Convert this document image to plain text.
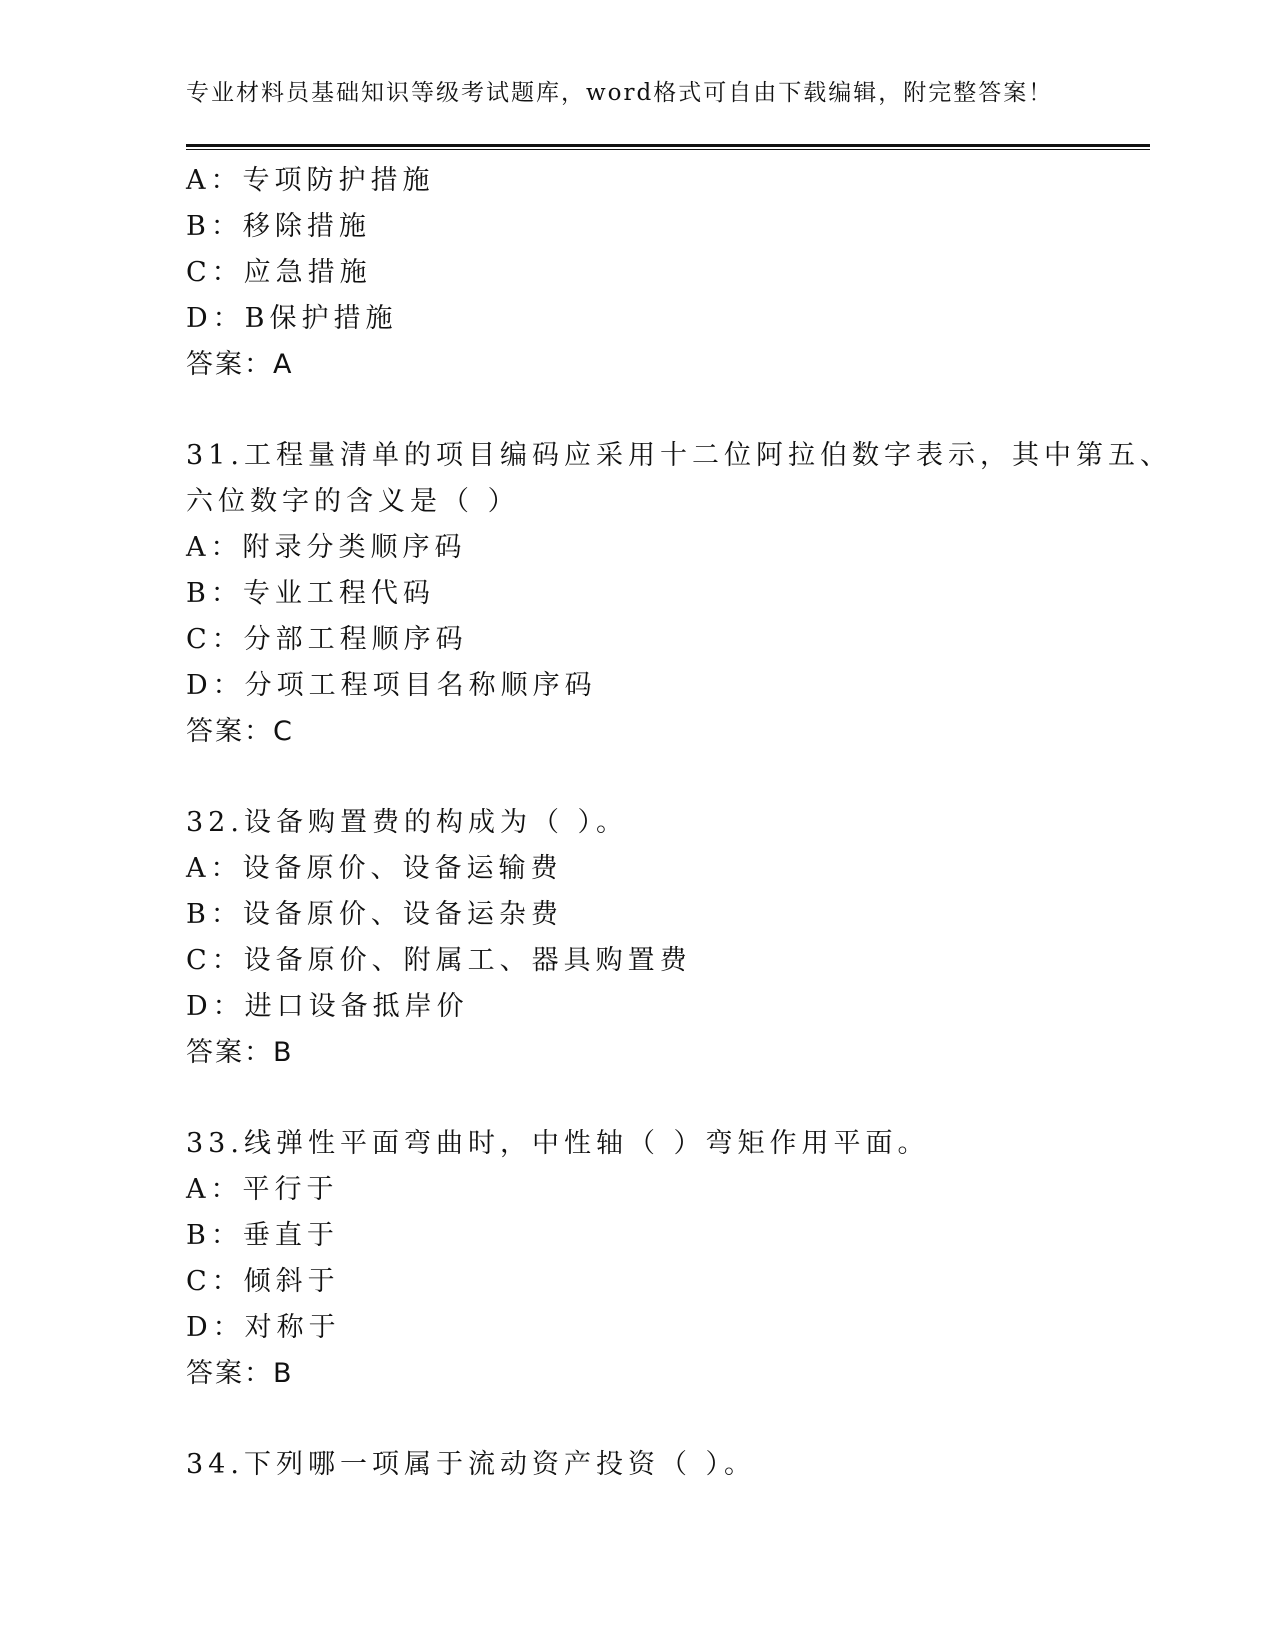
专业材料员基础知识等级考试题库，word格式可自由下载编辑，附完整答案！
A：专项防护措施
B：移除措施
C：应急措施
D：B保护措施
答案：A
31.工程量清单的项目编码应采用十二位阿拉伯数字表示，其中第五、
六位数字的含义是（ ）
A：附录分类顺序码
B：专业工程代码
C：分部工程顺序码
D：分项工程项目名称顺序码
答案：C
32.设备购置费的构成为（ ）。
A：设备原价、设备运输费
B：设备原价、设备运杂费
C：设备原价、附属工、器具购置费
D：进口设备抵岸价
答案：B
33.线弹性平面弯曲时，中性轴（ ）弯矩作用平面。
A：平行于
B：垂直于
C：倾斜于
D：对称于
答案：B
34.下列哪一项属于流动资产投资（ ）。
